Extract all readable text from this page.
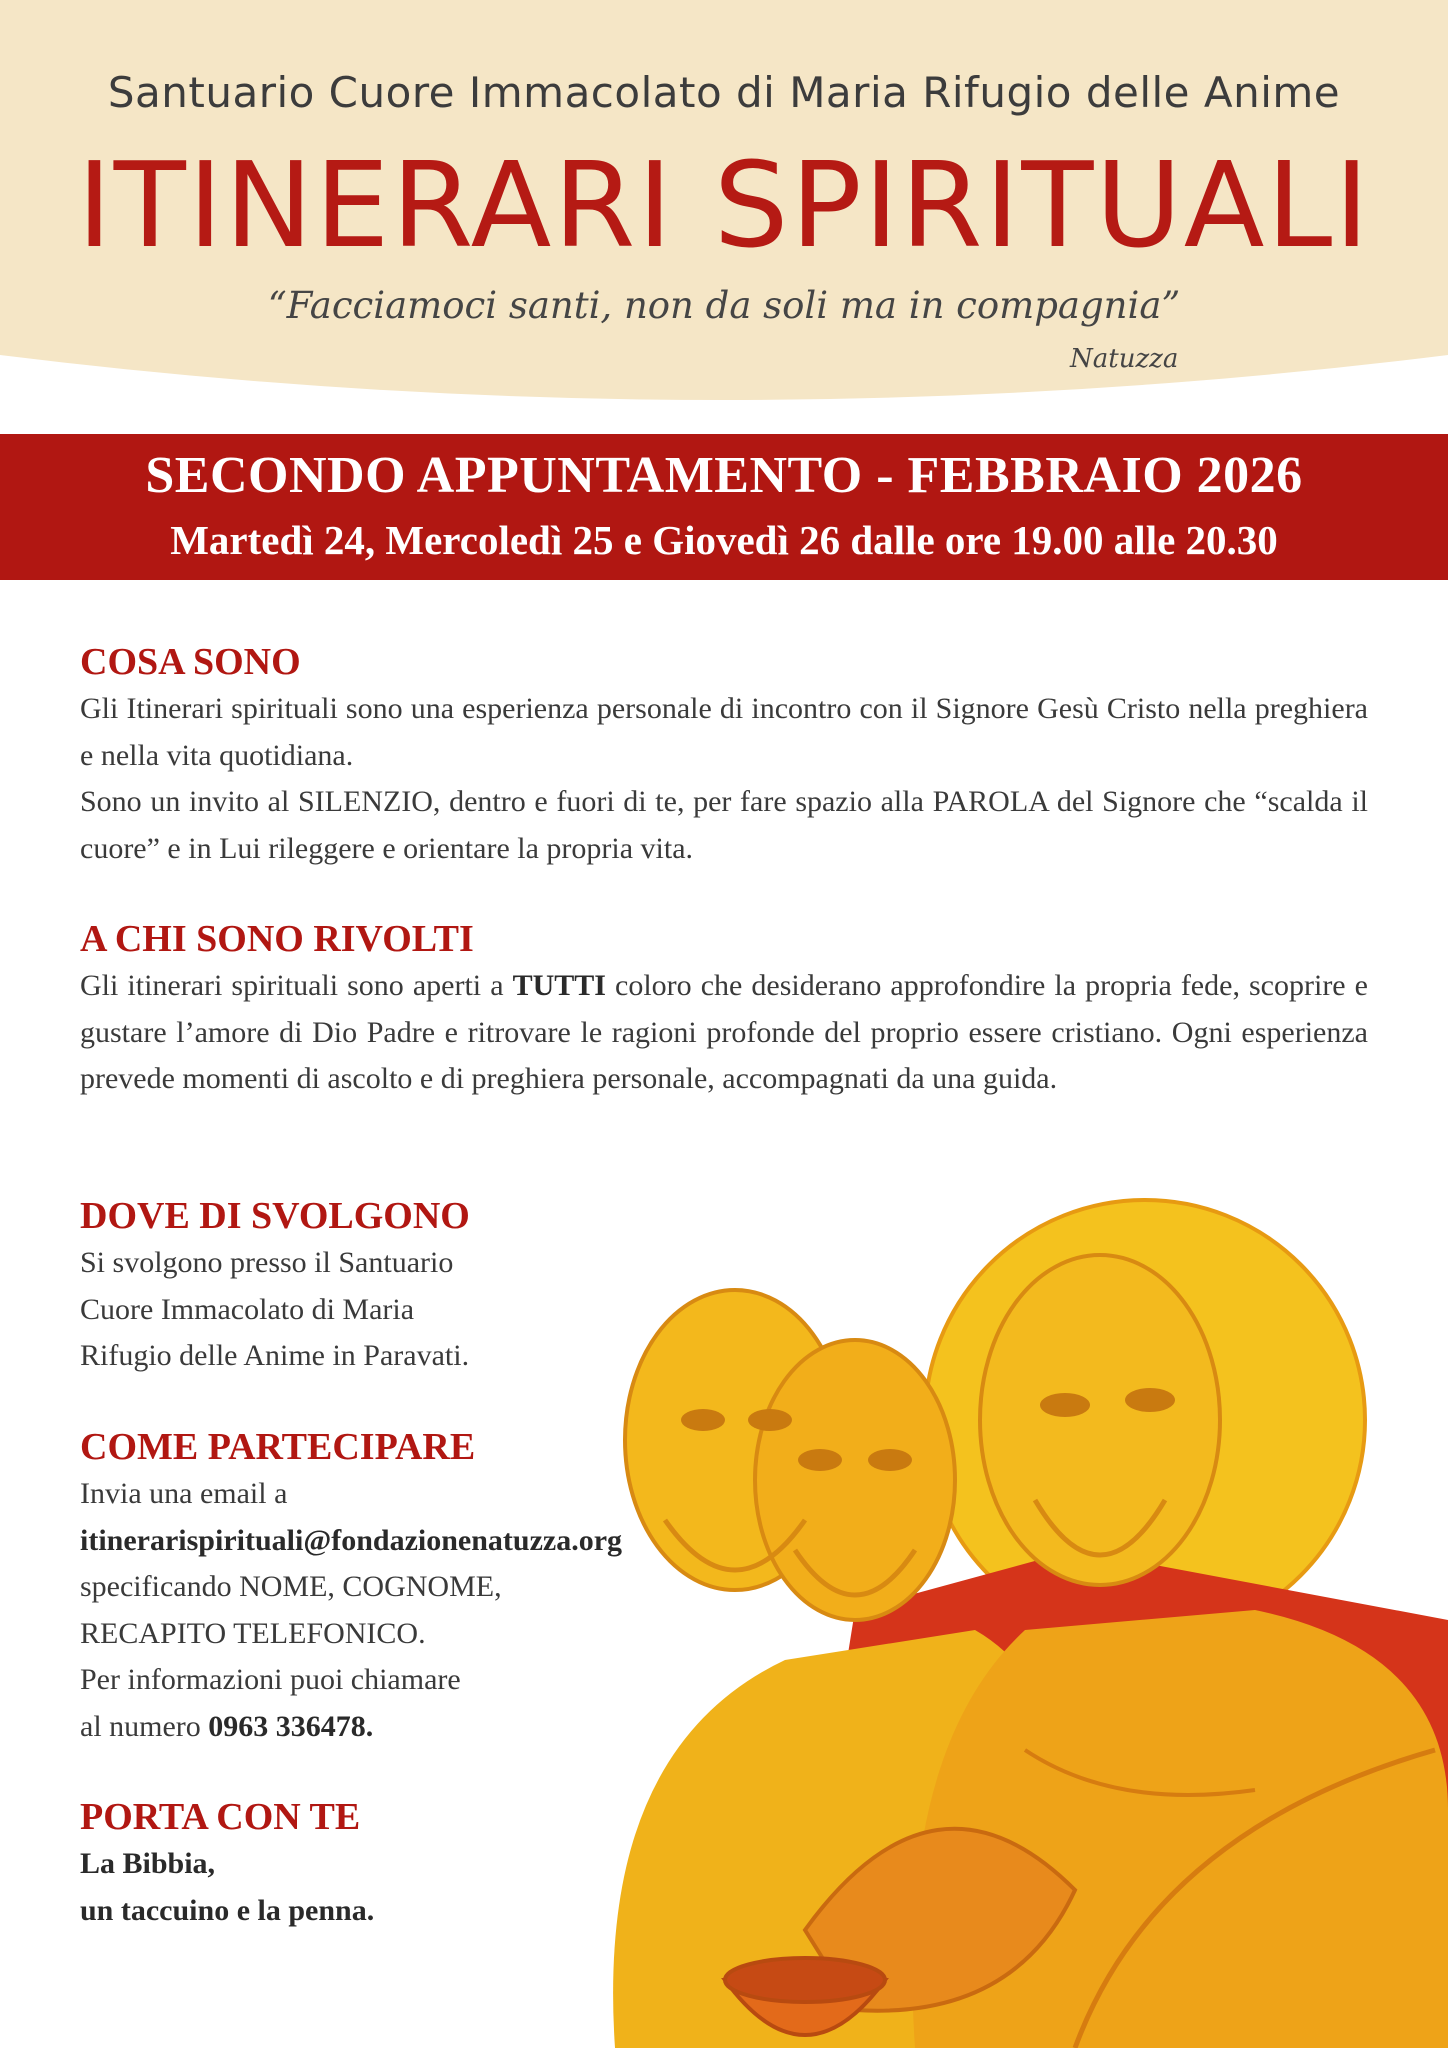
Santuario Cuore Immacolato di Maria Rifugio delle Anime
ITINERARI SPIRITUALI
“Facciamoci santi, non da soli ma in compagnia”
Natuzza
SECONDO APPUNTAMENTO - FEBBRAIO 2026
Martedì 24, Mercoledì 25 e Giovedì 26 dalle ore 19.00 alle 20.30
COSA SONO

Gli Itinerari spirituali sono una esperienza personale di incontro con il Signore Gesù Cristo nella preghiera e nella vita quotidiana.

Sono un invito al SILENZIO, dentro e fuori di te, per fare spazio alla PAROLA del Signore che “scalda il cuore” e in Lui rileggere e orientare la propria vita.

A CHI SONO RIVOLTI
Gli itinerari spirituali sono aperti a TUTTI coloro che desiderano approfondire la propria fede, scoprire e gustare l’amore di Dio Padre e ritrovare le ragioni profonde del proprio essere cristiano. Ogni esperienza prevede momenti di ascolto e di preghiera personale, accompagnati da una guida.
DOVE DI SVOLGONO

Si svolgono presso il Santuario

Cuore Immacolato di Maria

Rifugio delle Anime in Paravati.

COME PARTECIPARE

Invia una email a

itinerarispirituali@fondazionenatuzza.org

specificando NOME, COGNOME,

RECAPITO TELEFONICO.

Per informazioni puoi chiamare

al numero 0963 336478.

PORTA CON TE

La Bibbia,

un taccuino e la penna.
